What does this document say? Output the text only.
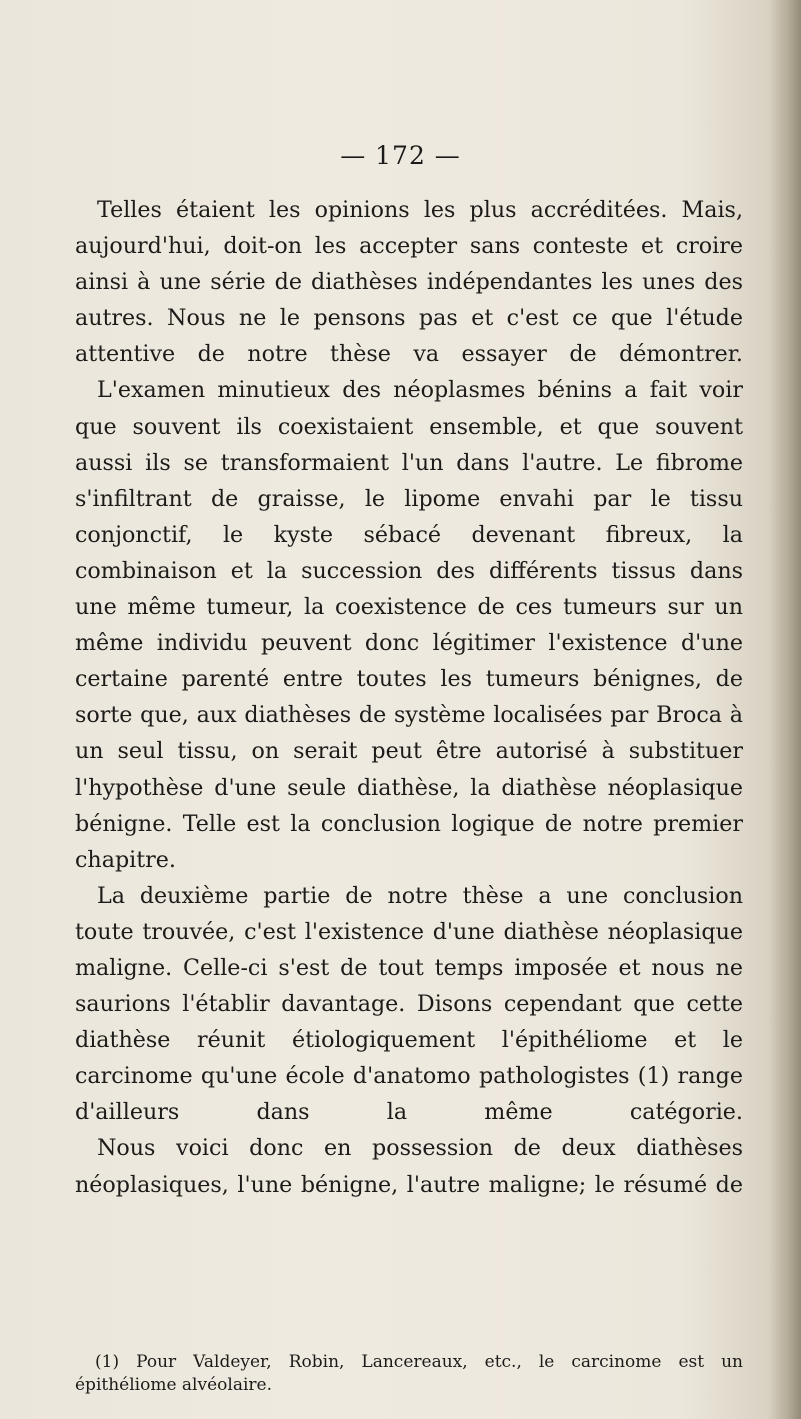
— 172 —

Telles étaient les opinions les plus accréditées. Mais, aujourd'hui, doit-on les accepter sans conteste et croire ainsi à une série de diathèses indépendantes les unes des autres. Nous ne le pensons pas et c'est ce que l'étude attentive de notre thèse va essayer de démontrer.

L'examen minutieux des néoplasmes bénins a fait voir que souvent ils coexistaient ensemble, et que souvent aussi ils se transformaient l'un dans l'autre. Le fibrome s'infiltrant de graisse, le lipome envahi par le tissu conjonctif, le kyste sébacé devenant fibreux, la combinaison et la succession des différents tissus dans une même tumeur, la coexistence de ces tumeurs sur un même individu peuvent donc légitimer l'existence d'une certaine parenté entre toutes les tumeurs bénignes, de sorte que, aux diathèses de système localisées par Broca à un seul tissu, on serait peut être autorisé à substituer l'hypothèse d'une seule diathèse, la diathèse néoplasique bénigne. Telle est la conclusion logique de notre premier chapitre.

La deuxième partie de notre thèse a une conclusion toute trouvée, c'est l'existence d'une diathèse néoplasique maligne. Celle-ci s'est de tout temps imposée et nous ne saurions l'établir davantage. Disons cependant que cette diathèse réunit étiologiquement l'épithéliome et le carcinome qu'une école d'anatomo pathologistes (1) range d'ailleurs dans la même catégorie.

Nous voici donc en possession de deux diathèses néoplasiques, l'une bénigne, l'autre maligne; le résumé de

(1) Pour Valdeyer, Robin, Lancereaux, etc., le carcinome est un épithéliome alvéolaire.
